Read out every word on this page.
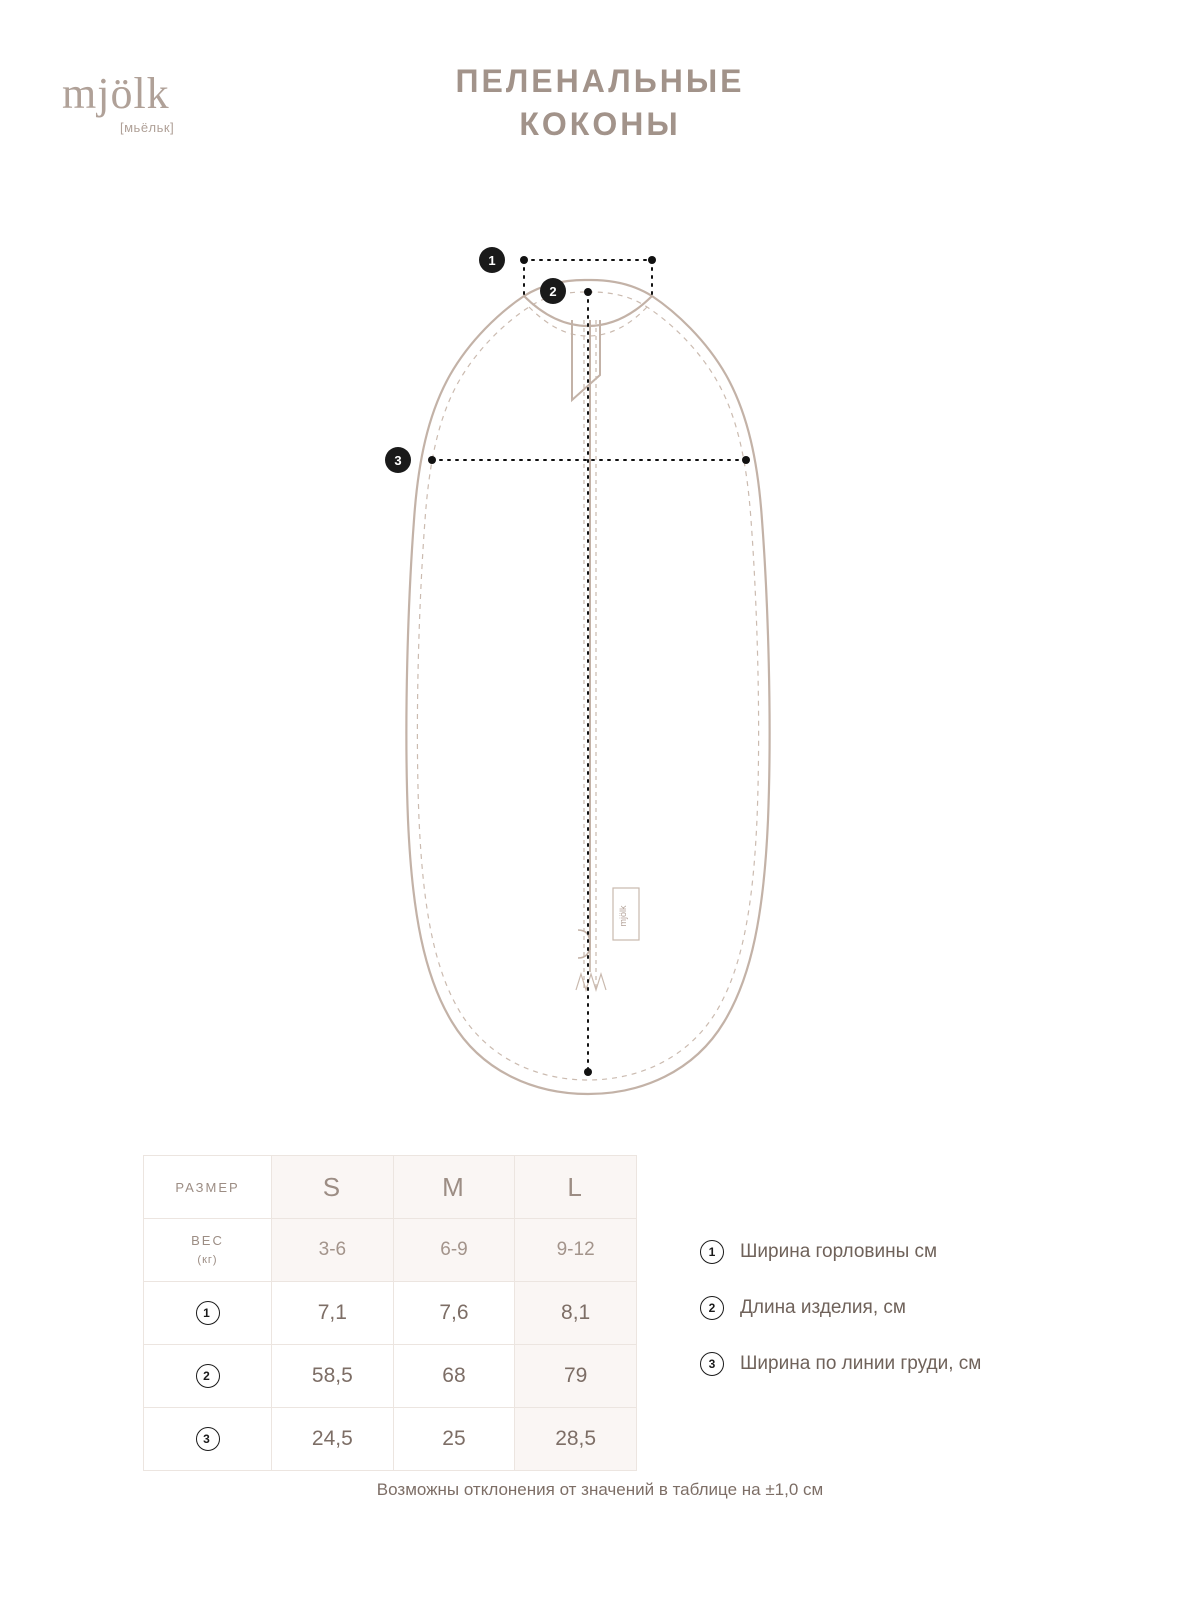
mjölk
[мьёльк]
ПЕЛЕНАЛЬНЫЕ
КОКОНЫ
mjölk
1
2
3
РАЗМЕР	S	M	L
ВЕС
(кг)	3-6	6-9	9-12
1	7,1	7,6	8,1
2	58,5	68	79
3	24,5	25	28,5
1	Ширина горловины см
2	Длина изделия, см
3	Ширина по линии груди, см
Возможны отклонения от значений в таблице на ±1,0 см
